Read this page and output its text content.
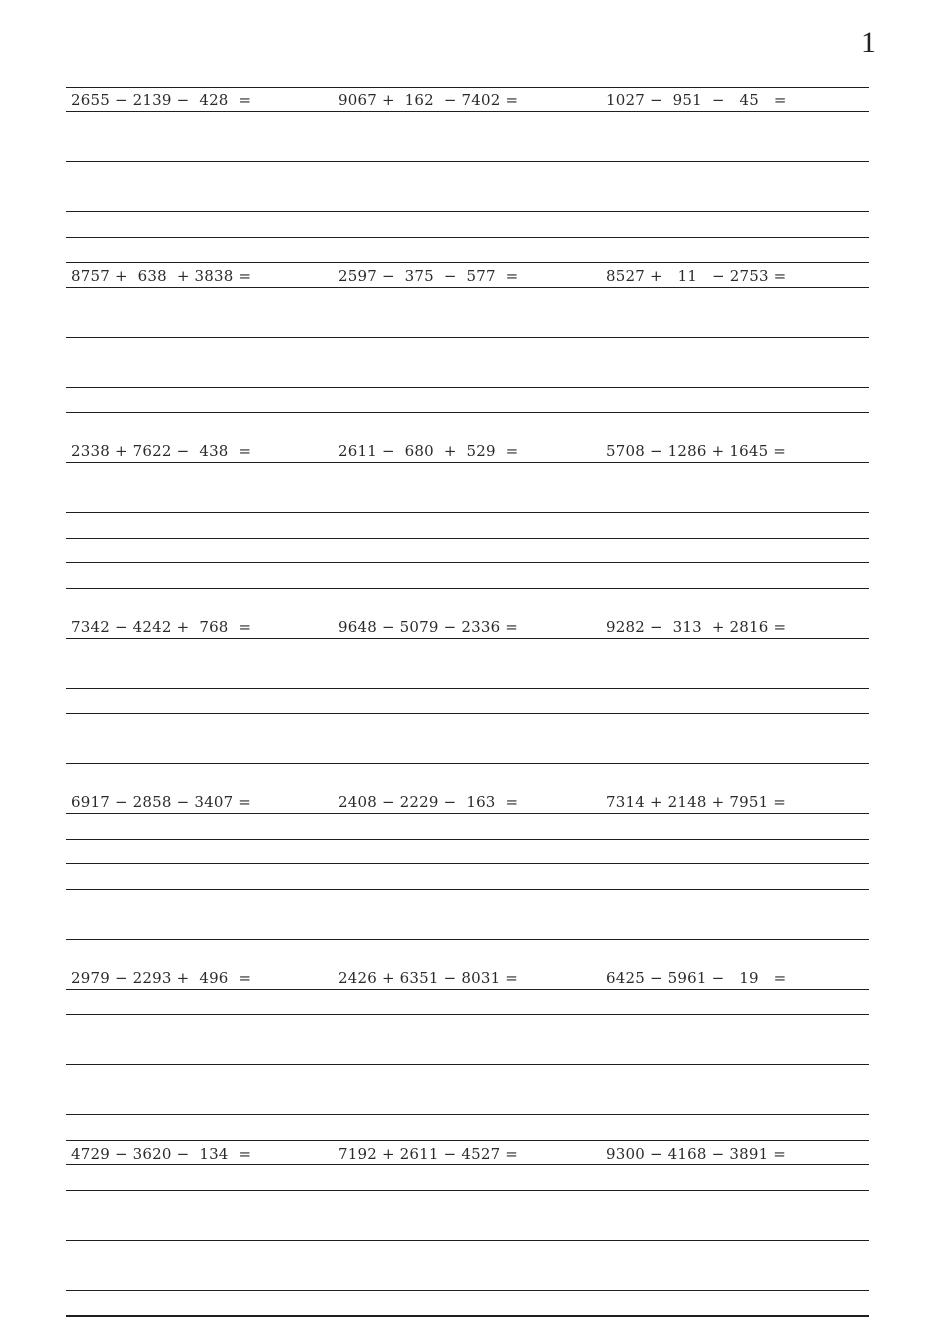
1
2655 − 2139 −  428  =	9067 +  162  − 7402 =	1027 −  951  −   45   =
8757 +  638  + 3838 =	2597 −  375  −  577  =	8527 +   11   − 2753 =
2338 + 7622 −  438  =	2611 −  680  +  529  =	5708 − 1286 + 1645 =
7342 − 4242 +  768  =	9648 − 5079 − 2336 =	9282 −  313  + 2816 =
6917 − 2858 − 3407 =	2408 − 2229 −  163  =	7314 + 2148 + 7951 =
2979 − 2293 +  496  =	2426 + 6351 − 8031 =	6425 − 5961 −   19   =
4729 − 3620 −  134  =	7192 + 2611 − 4527 =	9300 − 4168 − 3891 =
